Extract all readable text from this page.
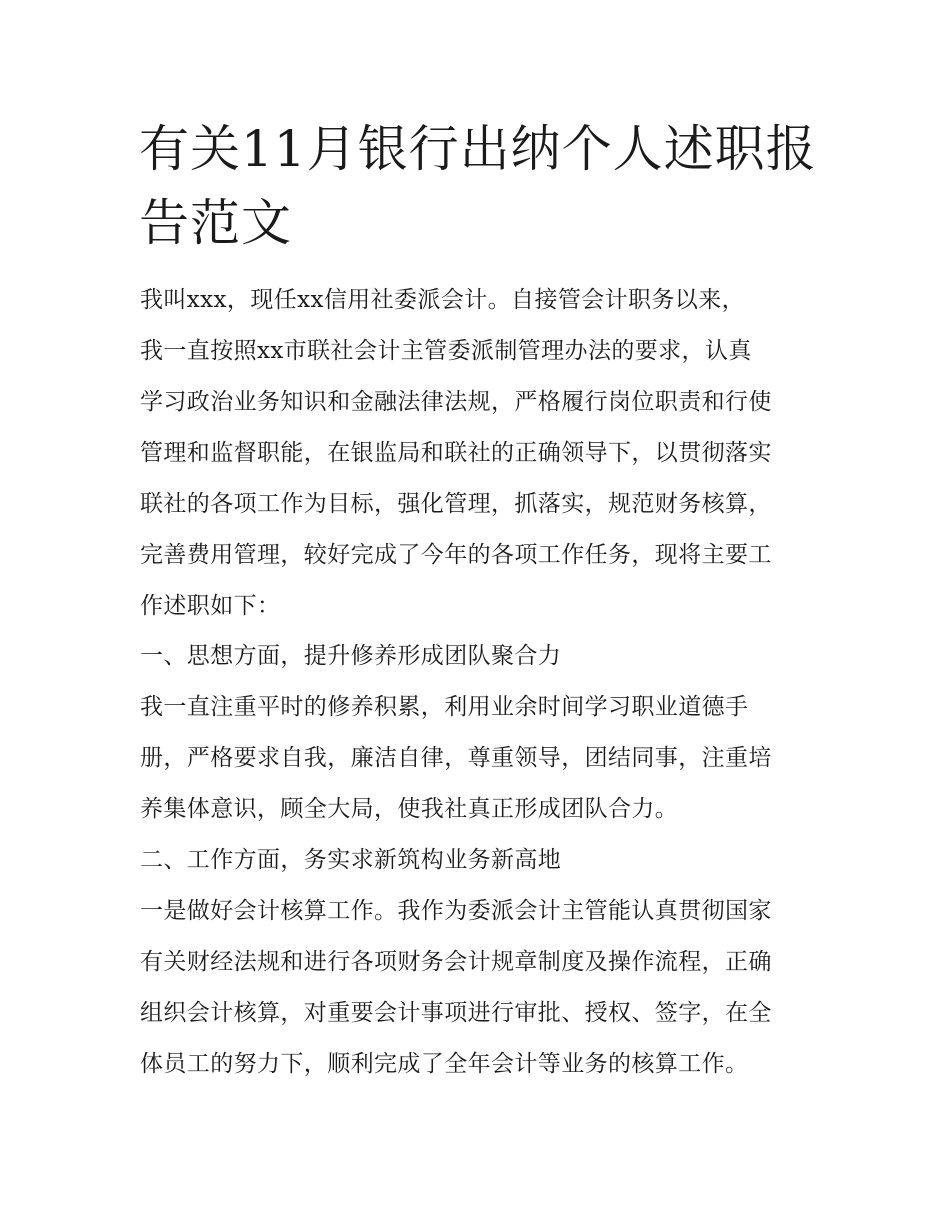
有关11月银行出纳个人述职报
告范文

我叫xxx，现任xx信用社委派会计。自接管会计职务以来，

我一直按照xx市联社会计主管委派制管理办法的要求，认真

学习政治业务知识和金融法律法规，严格履行岗位职责和行使

管理和监督职能，在银监局和联社的正确领导下，以贯彻落实

联社的各项工作为目标，强化管理，抓落实，规范财务核算，

完善费用管理，较好完成了今年的各项工作任务，现将主要工

作述职如下：

一、思想方面，提升修养形成团队聚合力

我一直注重平时的修养积累，利用业余时间学习职业道德手

册，严格要求自我，廉洁自律，尊重领导，团结同事，注重培

养集体意识，顾全大局，使我社真正形成团队合力。

二、工作方面，务实求新筑构业务新高地

一是做好会计核算工作。我作为委派会计主管能认真贯彻国家

有关财经法规和进行各项财务会计规章制度及操作流程，正确

组织会计核算，对重要会计事项进行审批、授权、签字，在全

体员工的努力下，顺利完成了全年会计等业务的核算工作。
